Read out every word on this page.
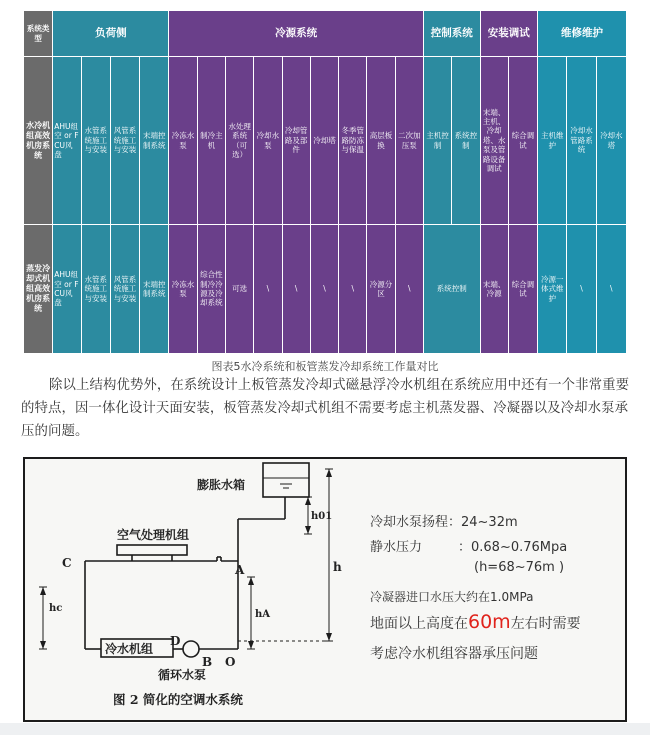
系统类型	负荷侧				冷源系统									控制系统		安装调试		维修维护		
水冷机组高效机房系统	AHU组空 or FCU风盘	水管系统施工与安装	风管系统施工与安装	末端控制系统	冷冻水泵	制冷主机	水处理系统（可选）	冷却水泵	冷却管路及部件	冷却塔	冬季管路防冻与保温	高层板换	二次加压泵	主机控制	系统控制	末端、主机、冷却塔、水泵及管路设备调试	综合调试	主机维护	冷却水管路系统	冷却水塔
蒸发冷却式机组高效机房系统	AHU组空 or FCU风盘	水管系统施工与安装	风管系统施工与安装	末端控制系统	冷冻水泵	综合性制冷冷源及冷却系统	可选	\	\	\	\	冷源分区	\	系统控制		末端、冷源	综合调试	冷源一体式维护	\	\
图表5水冷系统和板管蒸发冷却系统工作量对比

除以上结构优势外，在系统设计上板管蒸发冷却式磁悬浮冷水机组在系统应用中还有一个非常重要的特点，因一体化设计天面安装，板管蒸发冷却式机组不需要考虑主机蒸发器、冷凝器以及冷却水泵承压的问题。

膨胀水箱
空气处理机组
冷水机组
循环水泵
C	A
D
B O
h01
h
hc
hA
图 2 简化的空调水系统
冷却水泵扬程：24~32m
静水压力	：0.68~0.76Mpa
(h=68~76m )
冷凝器进口水压大约在1.0MPa
地面以上高度在60m左右时需要
考虑冷水机组容器承压问题
